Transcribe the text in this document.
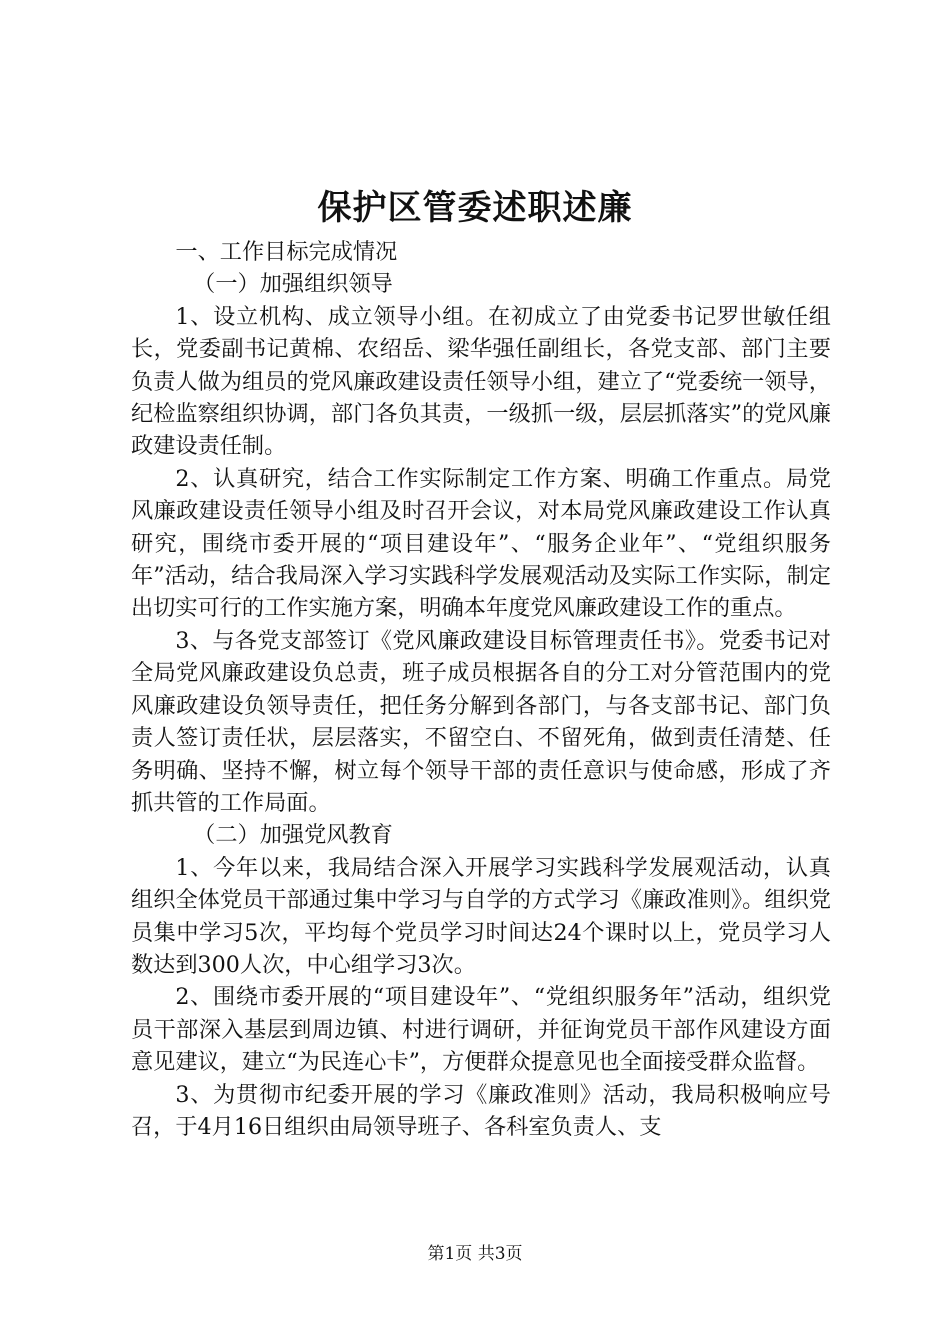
保护区管委述职述廉

一、工作目标完成情况

（一）加强组织领导

1、设立机构、成立领导小组。在初成立了由党委书记罗世敏任组长，党委副书记黄棉、农绍岳、梁华强任副组长，各党支部、部门主要负责人做为组员的党风廉政建设责任领导小组，建立了“党委统一领导，纪检监察组织协调，部门各负其责，一级抓一级，层层抓落实”的党风廉政建设责任制。

2、认真研究，结合工作实际制定工作方案、明确工作重点。局党风廉政建设责任领导小组及时召开会议，对本局党风廉政建设工作认真研究，围绕市委开展的“项目建设年”、“服务企业年”、“党组织服务年”活动，结合我局深入学习实践科学发展观活动及实际工作实际，制定出切实可行的工作实施方案，明确本年度党风廉政建设工作的重点。

3、与各党支部签订《党风廉政建设目标管理责任书》。党委书记对全局党风廉政建设负总责，班子成员根据各自的分工对分管范围内的党风廉政建设负领导责任，把任务分解到各部门，与各支部书记、部门负责人签订责任状，层层落实，不留空白、不留死角，做到责任清楚、任务明确、坚持不懈，树立每个领导干部的责任意识与使命感，形成了齐抓共管的工作局面。

（二）加强党风教育

1、今年以来，我局结合深入开展学习实践科学发展观活动，认真组织全体党员干部通过集中学习与自学的方式学习《廉政准则》。组织党员集中学习5次，平均每个党员学习时间达24个课时以上，党员学习人数达到300人次，中心组学习3次。

2、围绕市委开展的“项目建设年”、“党组织服务年”活动，组织党员干部深入基层到周边镇、村进行调研，并征询党员干部作风建设方面意见建议，建立“为民连心卡”，方便群众提意见也全面接受群众监督。

3、为贯彻市纪委开展的学习《廉政准则》活动，我局积极响应号召，于4月16日组织由局领导班子、各科室负责人、支

第1页 共3页
